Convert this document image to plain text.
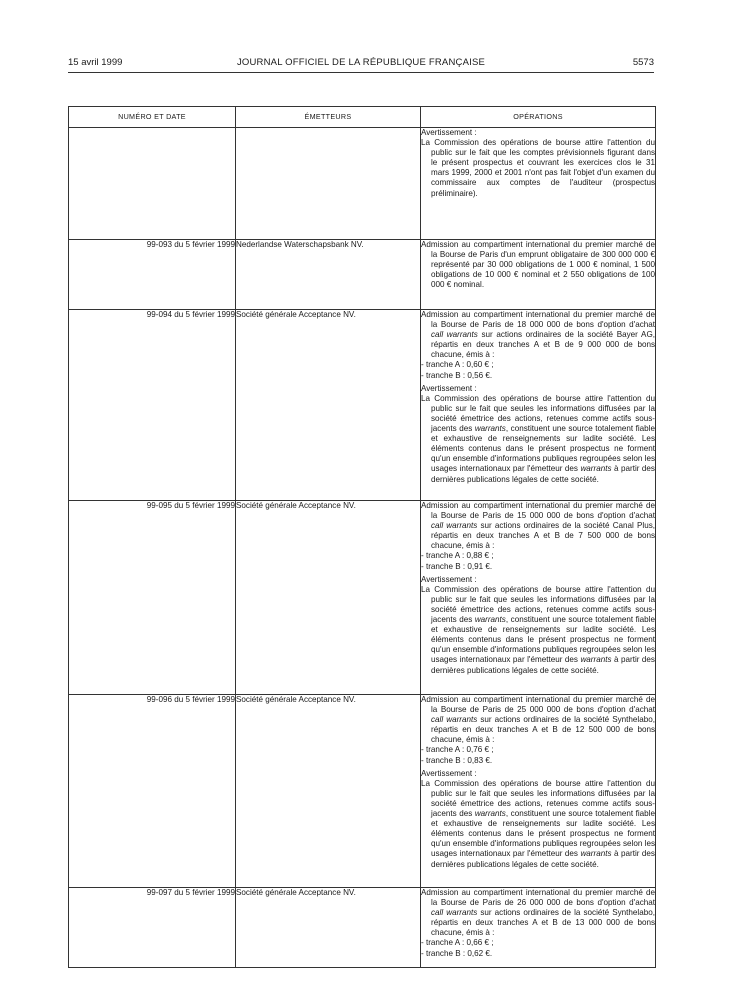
15 avril 1999	JOURNAL OFFICIEL DE LA RÉPUBLIQUE FRANÇAISE	5573
NUMÉRO ET DATE	ÉMETTEURS	OPÉRATIONS

		Avertissement :
La Commission des opérations de bourse attire l'attention du public sur le fait que les comptes prévisionnels figurant dans le présent prospectus et couvrant les exercices clos le 31 mars 1999, 2000 et 2001 n'ont pas fait l'objet d'un examen du commissaire aux comptes de l'auditeur (prospectus préliminaire).

99-093 du 5 février 1999	Nederlandse Waterschapsbank NV.	Admission au compartiment international du premier marché de la Bourse de Paris d'un emprunt obligataire de 300 000 000 € représenté par 30 000 obligations de 1 000 € nominal, 1 500 obligations de 10 000 € nominal et 2 550 obligations de 100 000 € nominal.

99-094 du 5 février 1999	Société générale Acceptance NV.	Admission au compartiment international du premier marché de la Bourse de Paris de 18 000 000 de bons d'option d'achat call warrants sur actions ordinaires de la société Bayer AG, répartis en deux tranches A et B de 9 000 000 de bons chacune, émis à :
- tranche A : 0,60 € ;
- tranche B : 0,56 €.
Avertissement :
La Commission des opérations de bourse attire l'attention du public sur le fait que seules les informations diffusées par la société émettrice des actions, retenues comme actifs sous-jacents des warrants, constituent une source totalement fiable et exhaustive de renseignements sur ladite société. Les éléments contenus dans le présent prospectus ne forment qu'un ensemble d'informations publiques regroupées selon les usages internationaux par l'émetteur des warrants à partir des dernières publications légales de cette société.

99-095 du 5 février 1999	Société générale Acceptance NV.	Admission au compartiment international du premier marché de la Bourse de Paris de 15 000 000 de bons d'option d'achat call warrants sur actions ordinaires de la société Canal Plus, répartis en deux tranches A et B de 7 500 000 de bons chacune, émis à :
- tranche A : 0,88 € ;
- tranche B : 0,91 €.
Avertissement :
La Commission des opérations de bourse attire l'attention du public sur le fait que seules les informations diffusées par la société émettrice des actions, retenues comme actifs sous-jacents des warrants, constituent une source totalement fiable et exhaustive de renseignements sur ladite société. Les éléments contenus dans le présent prospectus ne forment qu'un ensemble d'informations publiques regroupées selon les usages internationaux par l'émetteur des warrants à partir des dernières publications légales de cette société.

99-096 du 5 février 1999	Société générale Acceptance NV.	Admission au compartiment international du premier marché de la Bourse de Paris de 25 000 000 de bons d'option d'achat call warrants sur actions ordinaires de la société Synthelabo, répartis en deux tranches A et B de 12 500 000 de bons chacune, émis à :
- tranche A : 0,76 € ;
- tranche B : 0,83 €.
Avertissement :
La Commission des opérations de bourse attire l'attention du public sur le fait que seules les informations diffusées par la société émettrice des actions, retenues comme actifs sous-jacents des warrants, constituent une source totalement fiable et exhaustive de renseignements sur ladite société. Les éléments contenus dans le présent prospectus ne forment qu'un ensemble d'informations publiques regroupées selon les usages internationaux par l'émetteur des warrants à partir des dernières publications légales de cette société.

99-097 du 5 février 1999	Société générale Acceptance NV.	Admission au compartiment international du premier marché de la Bourse de Paris de 26 000 000 de bons d'option d'achat call warrants sur actions ordinaires de la société Synthelabo, répartis en deux tranches A et B de 13 000 000 de bons chacune, émis à :
- tranche A : 0,66 € ;
- tranche B : 0,62 €.
